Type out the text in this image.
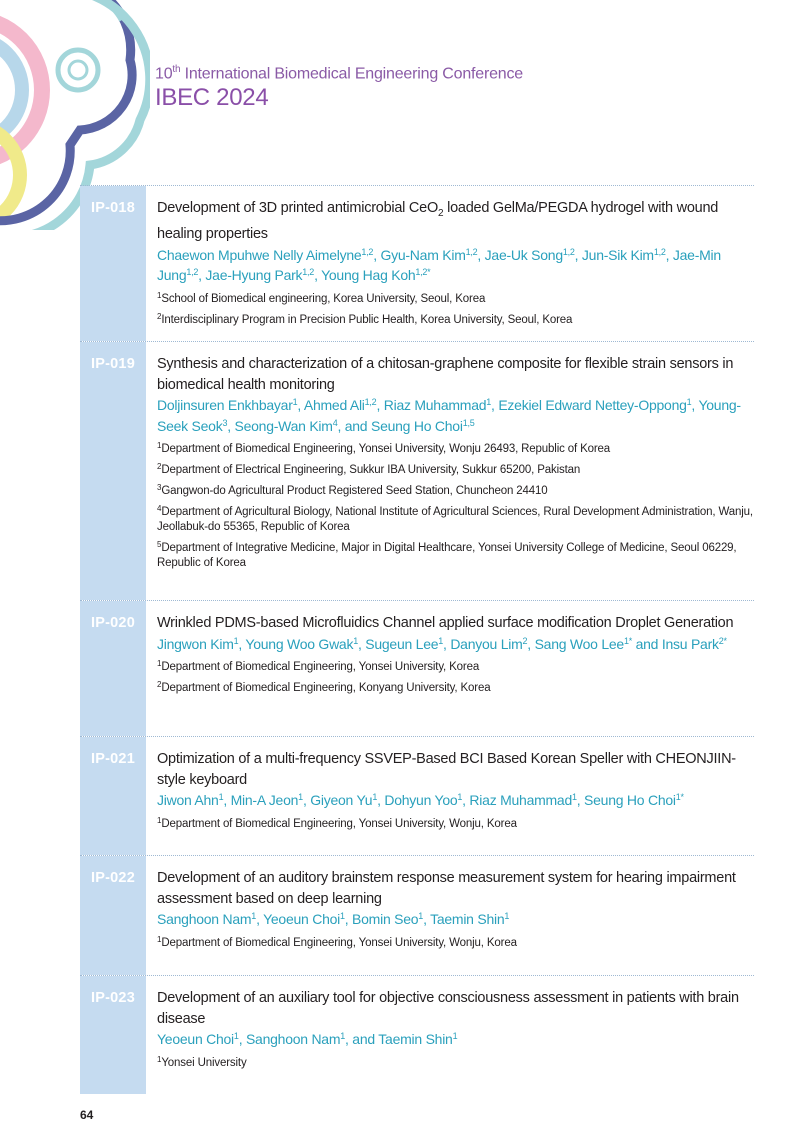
10th International Biomedical Engineering Conference
IBEC 2024
IP-018	Development of 3D printed antimicrobial CeO$_2$ loaded GelMa/PEGDA hydrogel with wound healing properties
Chaewon Mpuhwe Nelly Aimelyne$^{1,2}$, Gyu-Nam Kim$^{1,2}$, Jae-Uk Song$^{1,2}$, Jun-Sik Kim$^{1,2}$, Jae-Min Jung$^{1,2}$, Jae-Hyung Park$^{1,2}$, Young Hag Koh$^{1,2*}$
$^1$School of Biomedical engineering, Korea University, Seoul, Korea
$^2$Interdisciplinary Program in Precision Public Health, Korea University, Seoul, Korea
IP-019	Synthesis and characterization of a chitosan-graphene composite for flexible strain sensors in biomedical health monitoring
Doljinsuren Enkhbayar$^1$, Ahmed Ali$^{1,2}$, Riaz Muhammad$^1$, Ezekiel Edward Nettey-Oppong$^1$, Young-Seek Seok$^3$, Seong-Wan Kim$^4$, and Seung Ho Choi$^{1,5}$
$^1$Department of Biomedical Engineering, Yonsei University, Wonju 26493, Republic of Korea
$^2$Department of Electrical Engineering, Sukkur IBA University, Sukkur 65200, Pakistan
$^3$Gangwon-do Agricultural Product Registered Seed Station, Chuncheon 24410
$^4$Department of Agricultural Biology, National Institute of Agricultural Sciences, Rural Development Administration, Wanju, Jeollabuk-do 55365, Republic of Korea
$^5$Department of Integrative Medicine, Major in Digital Healthcare, Yonsei University College of Medicine, Seoul 06229, Republic of Korea
IP-020	Wrinkled PDMS-based Microfluidics Channel applied surface modification Droplet Generation
Jingwon Kim$^1$, Young Woo Gwak$^1$, Sugeun Lee$^1$, Danyou Lim$^2$, Sang Woo Lee$^{1*}$ and Insu Park$^{2*}$
$^1$Department of Biomedical Engineering, Yonsei University, Korea
$^2$Department of Biomedical Engineering, Konyang University, Korea
IP-021	Optimization of a multi-frequency SSVEP-Based BCI Based Korean Speller with CHEONJIIN-style keyboard
Jiwon Ahn$^1$, Min-A Jeon$^1$, Giyeon Yu$^1$, Dohyun Yoo$^1$, Riaz Muhammad$^1$, Seung Ho Choi$^{1*}$
$^1$Department of Biomedical Engineering, Yonsei University, Wonju, Korea
IP-022	Development of an auditory brainstem response measurement system for hearing impairment assessment based on deep learning
Sanghoon Nam$^1$, Yeoeun Choi$^1$, Bomin Seo$^1$, Taemin Shin$^1$
$^1$Department of Biomedical Engineering, Yonsei University, Wonju, Korea
IP-023	Development of an auxiliary tool for objective consciousness assessment in patients with brain disease
Yeoeun Choi$^1$, Sanghoon Nam$^1$, and Taemin Shin$^1$
$^1$Yonsei University
64
